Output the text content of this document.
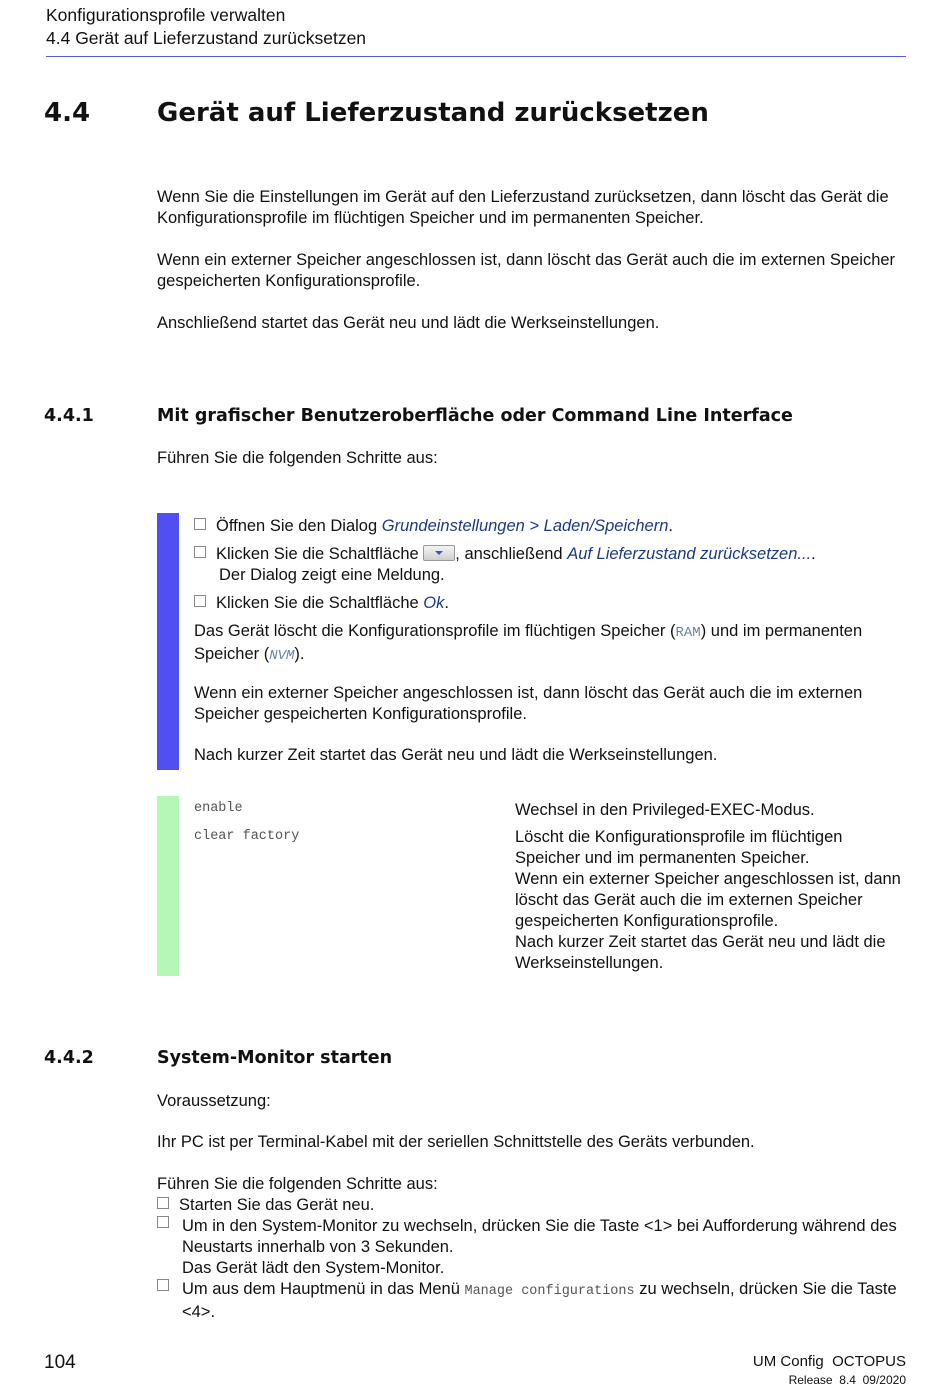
Konfigurationsprofile verwalten
4.4 Gerät auf Lieferzustand zurücksetzen
4.4	Gerät auf Lieferzustand zurücksetzen
Wenn Sie die Einstellungen im Gerät auf den Lieferzustand zurücksetzen, dann löscht das Gerät die Konfigurationsprofile im flüchtigen Speicher und im permanenten Speicher.
Wenn ein externer Speicher angeschlossen ist, dann löscht das Gerät auch die im externen Speicher gespeicherten Konfigurationsprofile.
Anschließend startet das Gerät neu und lädt die Werkseinstellungen.
4.4.1	Mit grafischer Benutzeroberfläche oder Command Line Interface
Führen Sie die folgenden Schritte aus:
Öffnen Sie den Dialog Grundeinstellungen > Laden/Speichern.
Klicken Sie die Schaltfläche , anschließend Auf Lieferzustand zurücksetzen....
Der Dialog zeigt eine Meldung.
Klicken Sie die Schaltfläche Ok.
Das Gerät löscht die Konfigurationsprofile im flüchtigen Speicher (RAM) und im permanenten Speicher (NVM).
Wenn ein externer Speicher angeschlossen ist, dann löscht das Gerät auch die im externen Speicher gespeicherten Konfigurationsprofile.
Nach kurzer Zeit startet das Gerät neu und lädt die Werkseinstellungen.
enable	Wechsel in den Privileged-EXEC-Modus.
clear factory	Löscht die Konfigurationsprofile im flüchtigen Speicher und im permanenten Speicher.
Wenn ein externer Speicher angeschlossen ist, dann löscht das Gerät auch die im externen Speicher gespeicherten Konfigurationsprofile.
Nach kurzer Zeit startet das Gerät neu und lädt die Werkseinstellungen.
4.4.2	System-Monitor starten
Voraussetzung:
Ihr PC ist per Terminal-Kabel mit der seriellen Schnittstelle des Geräts verbunden.
Führen Sie die folgenden Schritte aus:
Starten Sie das Gerät neu.
Um in den System-Monitor zu wechseln, drücken Sie die Taste <1> bei Aufforderung während des Neustarts innerhalb von 3 Sekunden.
Das Gerät lädt den System-Monitor.
Um aus dem Hauptmenü in das Menü Manage configurations zu wechseln, drücken Sie die Taste <4>.
104	UM Config  OCTOPUS
Release  8.4  09/2020
